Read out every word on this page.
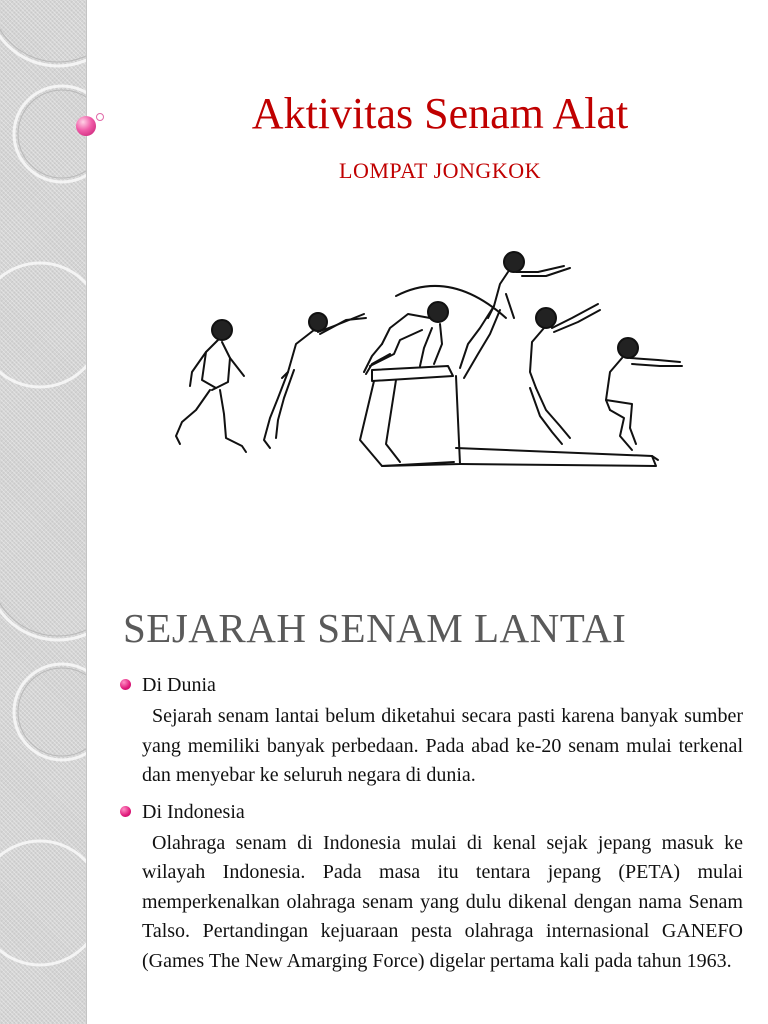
Aktivitas Senam Alat
LOMPAT JONGKOK
SEJARAH SENAM LANTAI
Di Dunia

Sejarah senam lantai belum diketahui secara pasti karena banyak sumber yang memiliki banyak perbedaan. Pada abad ke-20 senam mulai terkenal dan menyebar ke seluruh negara di dunia.

Di Indonesia

Olahraga senam di Indonesia mulai di kenal sejak jepang masuk ke wilayah Indonesia. Pada masa itu tentara jepang (PETA) mulai memperkenalkan olahraga senam yang dulu dikenal dengan nama Senam Talso. Pertandingan kejuaraan pesta olahraga internasional GANEFO (Games The New Amarging Force) digelar pertama kali pada tahun 1963.
